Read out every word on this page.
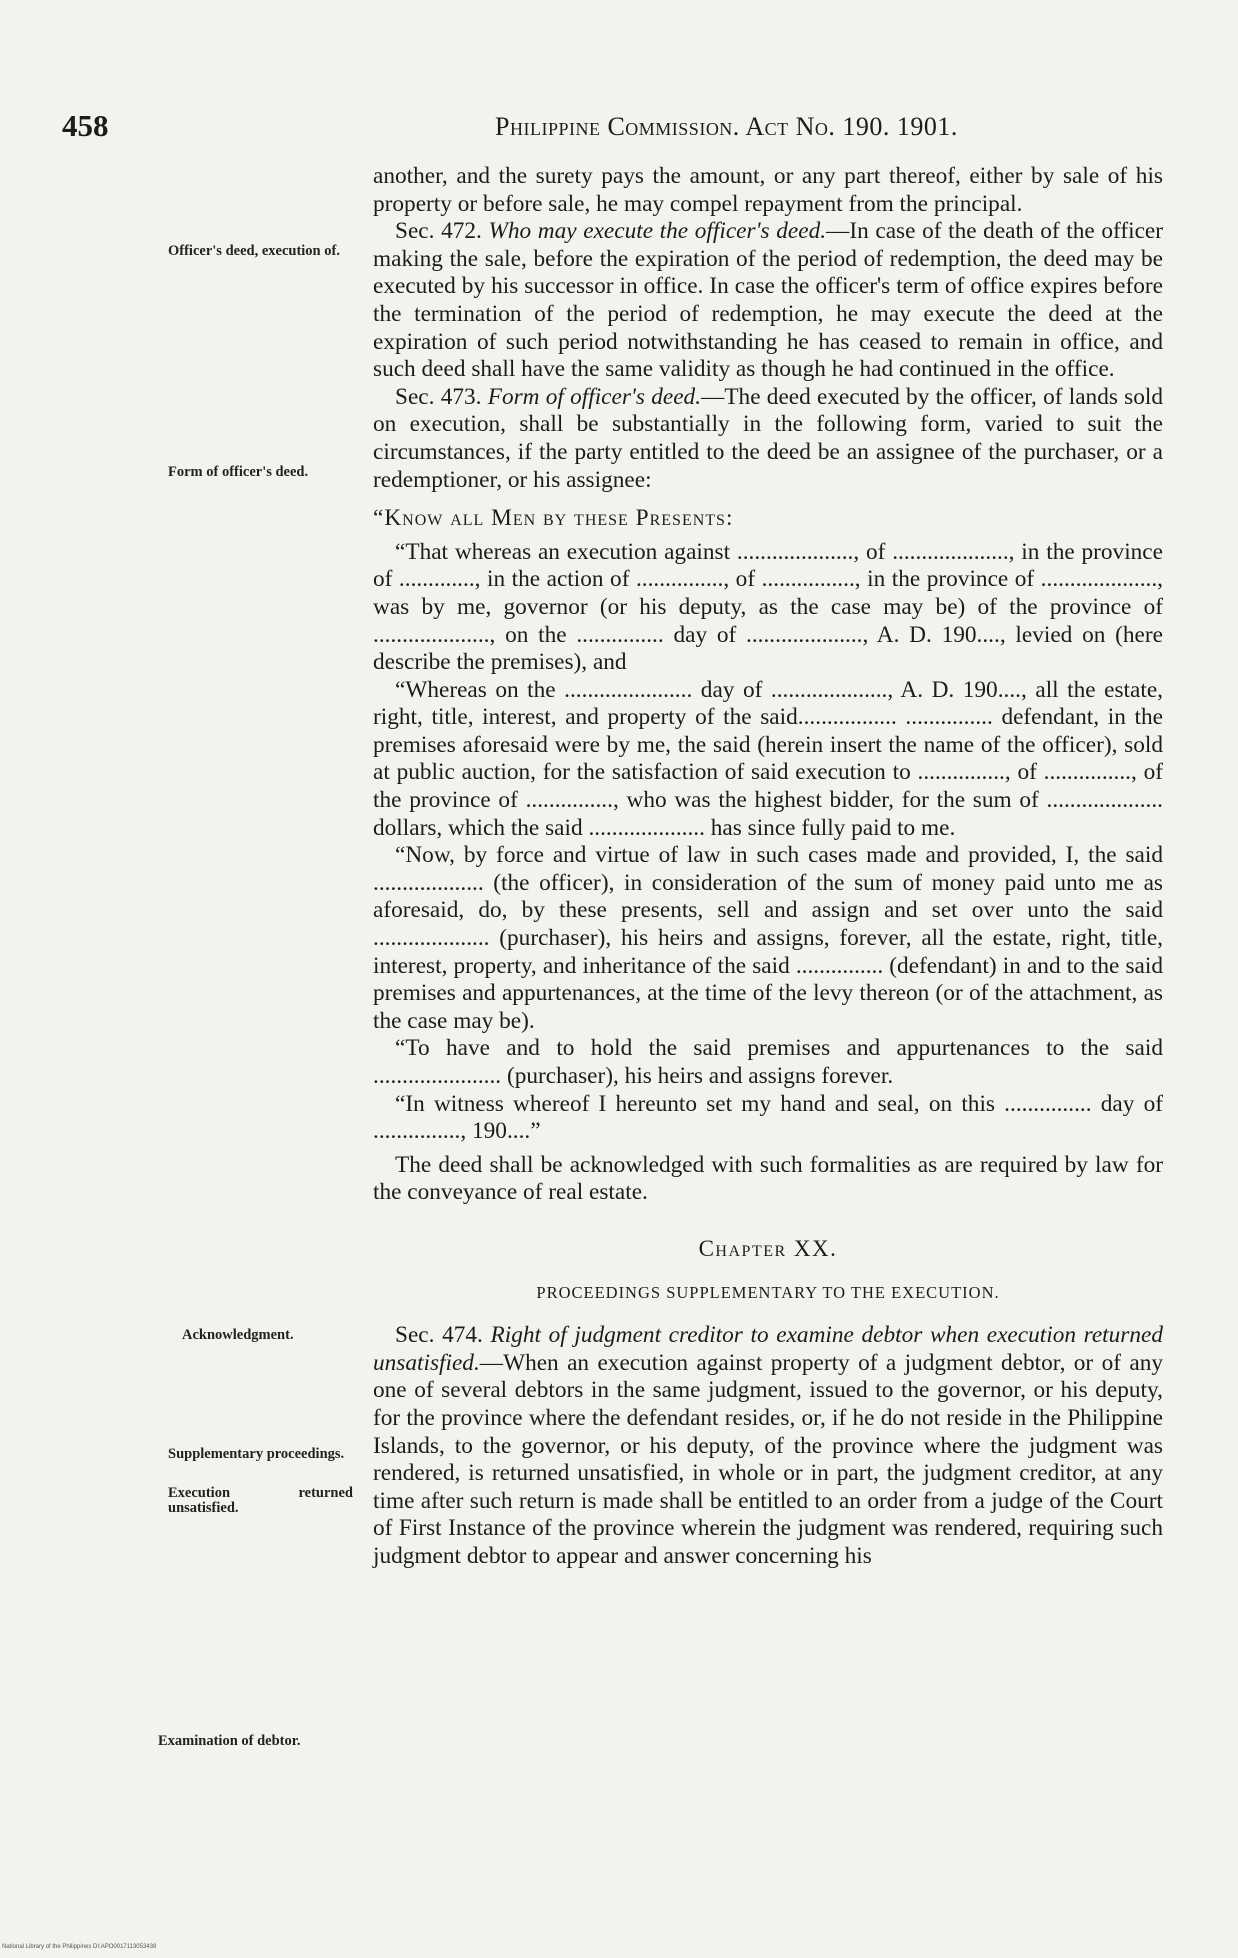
458	Philippine Commission. Act No. 190. 1901.
Officer's deed, execution of.
Form of officer's deed.
Acknowledgment.
Supplementary proceedings.
Execution returned unsatisfied.
Examination of debtor.

another, and the surety pays the amount, or any part thereof, either by sale of his property or before sale, he may compel repayment from the principal.

Sec. 472. Who may execute the officer's deed.—In case of the death of the officer making the sale, before the expiration of the period of redemption, the deed may be executed by his successor in office. In case the officer's term of office expires before the termination of the period of redemption, he may execute the deed at the expiration of such period notwithstanding he has ceased to remain in office, and such deed shall have the same validity as though he had continued in the office.

Sec. 473. Form of officer's deed.—The deed executed by the officer, of lands sold on execution, shall be substantially in the following form, varied to suit the circumstances, if the party entitled to the deed be an assignee of the purchaser, or a redemptioner, or his assignee:

“Know all Men by these Presents:

“That whereas an execution against ...................., of ...................., in the province of ............., in the action of ..............., of ................, in the province of ...................., was by me, governor (or his deputy, as the case may be) of the province of ...................., on the ............... day of ...................., A. D. 190...., levied on (here describe the premises), and

“Whereas on the ...................... day of ...................., A. D. 190...., all the estate, right, title, interest, and property of the said................. ............... defendant, in the premises aforesaid were by me, the said (herein insert the name of the officer), sold at public auction, for the satisfaction of said execution to ..............., of ..............., of the province of ..............., who was the highest bidder, for the sum of .................... dollars, which the said .................... has since fully paid to me.

“Now, by force and virtue of law in such cases made and provided, I, the said ................... (the officer), in consideration of the sum of money paid unto me as aforesaid, do, by these presents, sell and assign and set over unto the said .................... (purchaser), his heirs and assigns, forever, all the estate, right, title, interest, property, and inheritance of the said ............... (defendant) in and to the said premises and appurtenances, at the time of the levy thereon (or of the attachment, as the case may be).

“To have and to hold the said premises and appurtenances to the said ...................... (purchaser), his heirs and assigns forever.

“In witness whereof I hereunto set my hand and seal, on this ............... day of ..............., 190....”

The deed shall be acknowledged with such formalities as are required by law for the conveyance of real estate.

Chapter XX.

PROCEEDINGS SUPPLEMENTARY TO THE EXECUTION.

Sec. 474. Right of judgment creditor to examine debtor when execution returned unsatisfied.—When an execution against property of a judgment debtor, or of any one of several debtors in the same judgment, issued to the governor, or his deputy, for the province where the defendant resides, or, if he do not reside in the Philippine Islands, to the governor, or his deputy, of the province where the judgment was rendered, is returned unsatisfied, in whole or in part, the judgment creditor, at any time after such return is made shall be entitled to an order from a judge of the Court of First Instance of the province wherein the judgment was rendered, requiring such judgment debtor to appear and answer concerning his

National Library of the Philippines DI:APO0017113053438
